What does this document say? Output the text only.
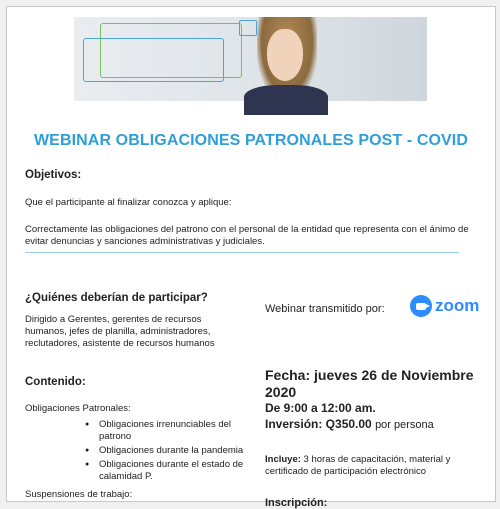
WEBINAR OBLIGACIONES PATRONALES POST - COVID
Objetivos:
Que el participante al finalizar conozca y aplique:
Correctamente las obligaciones del patrono con el personal de la entidad que representa con el ánimo de evitar denuncias y sanciones administrativas y judiciales.
¿Quiénes deberían de participar?
Dirigido a Gerentes, gerentes de recursos humanos, jefes de planilla, administradores, reclutadores, asistente de recursos humanos
Contenido:
Obligaciones Patronales:
● Obligaciones irrenunciables del patrono
● Obligaciones durante la pandemia
● Obligaciones durante el estado de calamidad P.
Suspensiones de trabajo:
Webinar transmitido por:	zoom
Fecha: jueves 26 de Noviembre 2020
De 9:00 a 12:00 am.
Inversión: Q350.00 por persona
Incluye: 3 horas de capacitación, material y certificado de participación electrónico
Inscripción:
